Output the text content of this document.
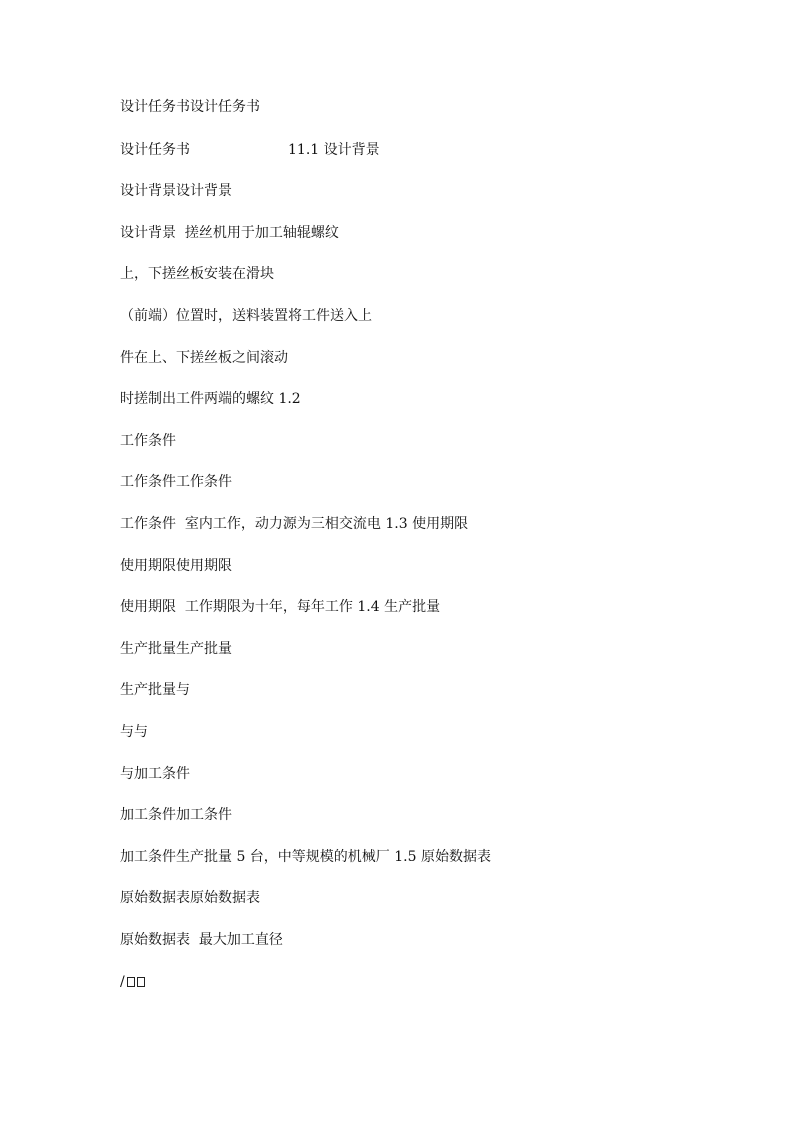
设计任务书设计任务书
设计任务书	11.1 设计背景
设计背景设计背景
设计背景  搓丝机用于加工轴辊螺纹
上，下搓丝板安装在滑块
（前端）位置时，送料装置将工件送入上
件在上、下搓丝板之间滚动
时搓制出工件两端的螺纹 1.2
工作条件
工作条件工作条件
工作条件  室内工作，动力源为三相交流电 1.3 使用期限
使用期限使用期限
使用期限  工作期限为十年，每年工作 1.4 生产批量
生产批量生产批量
生产批量与
与与
与加工条件
加工条件加工条件
加工条件生产批量 5 台，中等规模的机械厂 1.5 原始数据表
原始数据表原始数据表
原始数据表  最大加工直径
/
